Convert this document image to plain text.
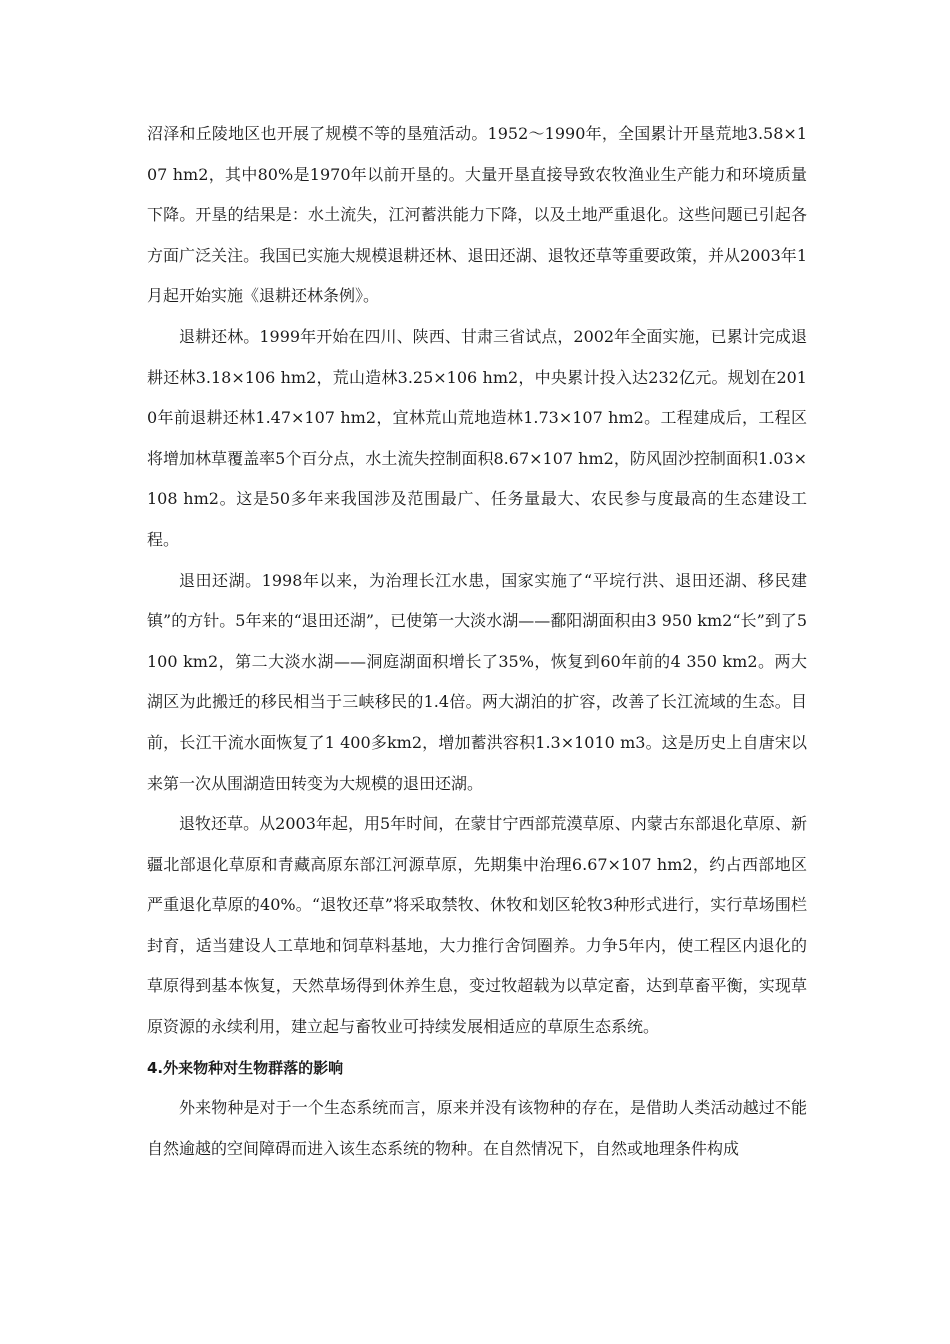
沼泽和丘陵地区也开展了规模不等的垦殖活动。1952～1990年，全国累计开垦荒地3.58×107 hm2，其中80%是1970年以前开垦的。大量开垦直接导致农牧渔业生产能力和环境质量下降。开垦的结果是：水土流失，江河蓄洪能力下降，以及土地严重退化。这些问题已引起各方面广泛关注。我国已实施大规模退耕还林、退田还湖、退牧还草等重要政策，并从2003年1月起开始实施《退耕还林条例》。

退耕还林。1999年开始在四川、陕西、甘肃三省试点，2002年全面实施，已累计完成退耕还林3.18×106 hm2，荒山造林3.25×106 hm2，中央累计投入达232亿元。规划在2010年前退耕还林1.47×107 hm2，宜林荒山荒地造林1.73×107 hm2。工程建成后，工程区将增加林草覆盖率5个百分点，水土流失控制面积8.67×107 hm2，防风固沙控制面积1.03×108 hm2。这是50多年来我国涉及范围最广、任务量最大、农民参与度最高的生态建设工程。

退田还湖。1998年以来，为治理长江水患，国家实施了“平垸行洪、退田还湖、移民建镇”的方针。5年来的“退田还湖”，已使第一大淡水湖——鄱阳湖面积由3 950 km2“长”到了5 100 km2，第二大淡水湖——洞庭湖面积增长了35%，恢复到60年前的4 350 km2。两大湖区为此搬迁的移民相当于三峡移民的1.4倍。两大湖泊的扩容，改善了长江流域的生态。目前，长江干流水面恢复了1 400多km2，增加蓄洪容积1.3×1010 m3。这是历史上自唐宋以来第一次从围湖造田转变为大规模的退田还湖。

退牧还草。从2003年起，用5年时间，在蒙甘宁西部荒漠草原、内蒙古东部退化草原、新疆北部退化草原和青藏高原东部江河源草原，先期集中治理6.67×107 hm2，约占西部地区严重退化草原的40%。“退牧还草”将采取禁牧、休牧和划区轮牧3种形式进行，实行草场围栏封育，适当建设人工草地和饲草料基地，大力推行舍饲圈养。力争5年内，使工程区内退化的草原得到基本恢复，天然草场得到休养生息，变过牧超载为以草定畜，达到草畜平衡，实现草原资源的永续利用，建立起与畜牧业可持续发展相适应的草原生态系统。

4.外来物种对生物群落的影响

外来物种是对于一个生态系统而言，原来并没有该物种的存在，是借助人类活动越过不能自然逾越的空间障碍而进入该生态系统的物种。在自然情况下，自然或地理条件构成
